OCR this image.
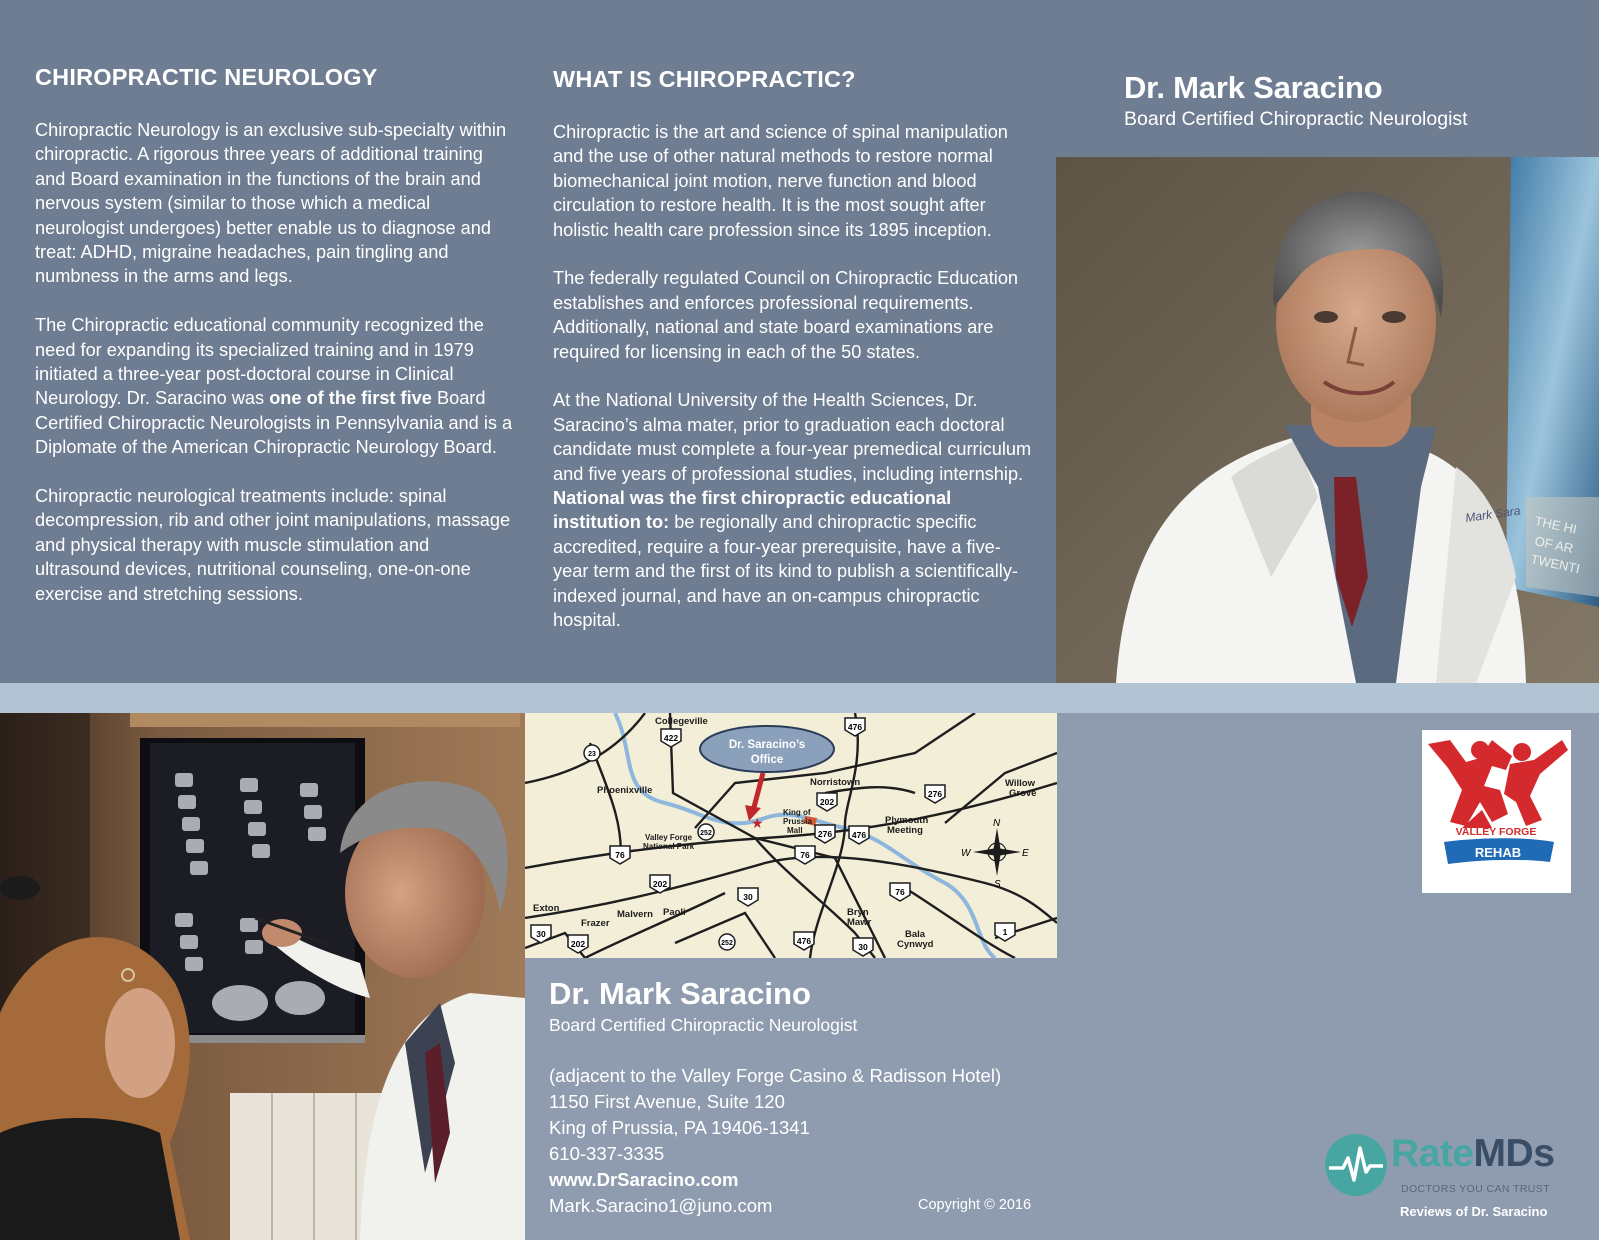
CHIROPRACTIC NEUROLOGY

Chiropractic Neurology is an exclusive sub-specialty within chiropractic. A rigorous three years of additional training and Board examination in the functions of the brain and nervous system (similar to those which a medical neurologist undergoes) better enable us to diagnose and treat: ADHD, migraine headaches, pain tingling and numbness in the arms and legs.

The Chiropractic educational community recognized the need for expanding its specialized training and in 1979 initiated a three-year post-doctoral course in Clinical Neurology. Dr. Saracino was one of the first five Board Certified Chiropractic Neurologists in Pennsylvania and is a Diplomate of the American Chiropractic Neurology Board.

Chiropractic neurological treatments include: spinal decompression, rib and other joint manipulations, massage and physical therapy with muscle stimulation and ultrasound devices, nutritional counseling, one-on-one exercise and stretching sessions.

WHAT IS CHIROPRACTIC?

Chiropractic is the art and science of spinal manipulation and the use of other natural methods to restore normal biomechanical joint motion, nerve function and blood circulation to restore health. It is the most sought after holistic health care profession since its 1895 inception.

The federally regulated Council on Chiropractic Education establishes and enforces professional requirements. Additionally, national and state board examinations are required for licensing in each of the 50 states.

At the National University of the Health Sciences, Dr. Saracino’s alma mater, prior to graduation each doctoral candidate must complete a four-year premedical curriculum and five years of professional studies, including internship. National was the first chiropractic educational institution to: be regionally and chiropractic specific accredited, require a four-year prerequisite, have a five-year term and the first of its kind to publish a scientifically-indexed journal, and have an on-campus chiropractic hospital.

Dr. Mark Saracino
Board Certified Chiropractic Neurologist
THE HI
OF AR
TWENTI
Mark Sara
Dr. Saracino’s
Office
★
Collegeville
Phoenixville
Norristown	Willow
Grove
King of
Prussia
Mall
Plymouth
Meeting
Valley Forge
National Park
Exton
Frazer
Malvern Paoli	Bryn
Mawr
Bala
Cynwyd
N
S
E
W
422
476
23
202
276
252	276 476
76	76
202
30	76
30
202	252	476
30
1
Dr. Mark Saracino
Board Certified Chiropractic Neurologist
(adjacent to the Valley Forge Casino & Radisson Hotel)
1150 First Avenue, Suite 120
King of Prussia, PA 19406-1341
610-337-3335
www.DrSaracino.com
Mark.Saracino1@juno.com	Copyright © 2016
VALLEY FORGE
REHAB
RateMDs
DOCTORS YOU CAN TRUST
Reviews of Dr. Saracino
